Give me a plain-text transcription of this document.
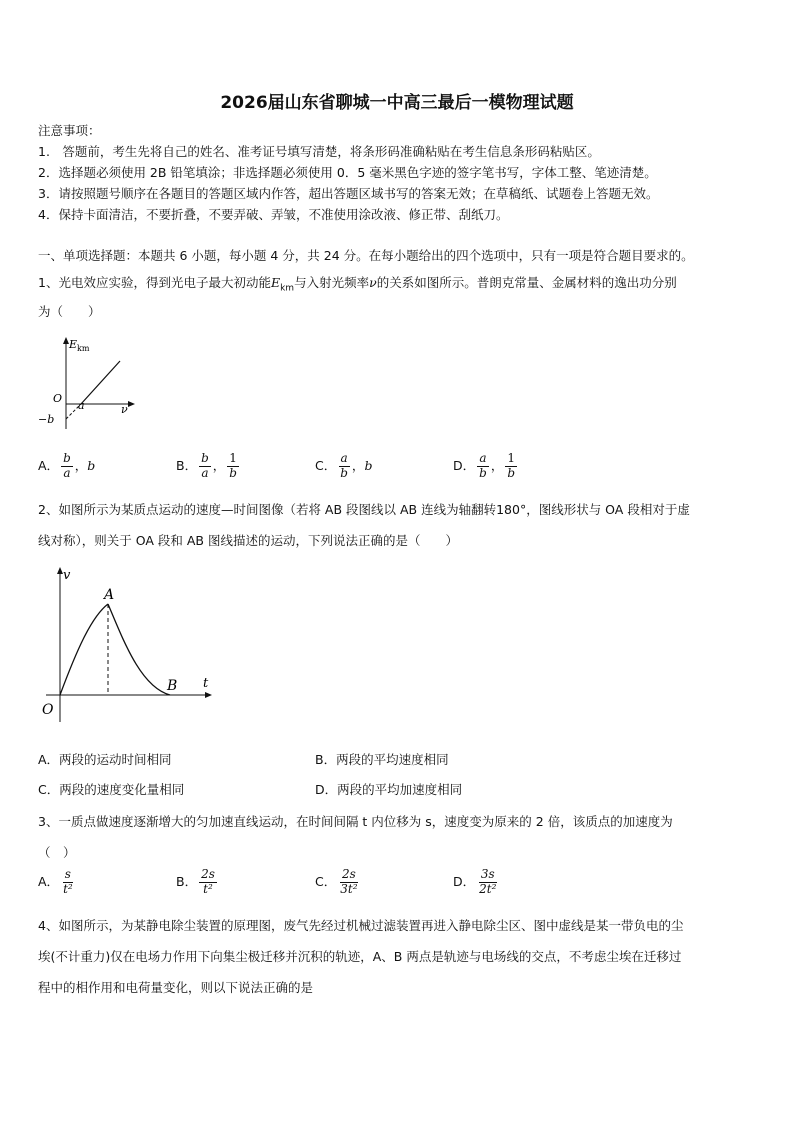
2026届山东省聊城一中高三最后一模物理试题
注意事项：
1.　答题前，考生先将自己的姓名、准考证号填写清楚，将条形码准确粘贴在考生信息条形码粘贴区。
2．选择题必须使用 2B 铅笔填涂；非选择题必须使用 0．5 毫米黑色字迹的签字笔书写，字体工整、笔迹清楚。
3．请按照题号顺序在各题目的答题区域内作答，超出答题区域书写的答案无效；在草稿纸、试题卷上答题无效。
4．保持卡面清洁，不要折叠，不要弄破、弄皱，不准使用涂改液、修正带、刮纸刀。
一、单项选择题：本题共 6 小题，每小题 4 分，共 24 分。在每小题给出的四个选项中，只有一项是符合题目要求的。
1、光电效应实验，得到光电子最大初动能$E_{km}$与入射光频率ν的关系如图所示。普朗克常量、金属材料的逸出功分别
为（　　）
$E_{km}$
O
ν
a
−b
A． $\frac{b}{a}$ ，b	B． $\frac{b}{a}$ ， $\frac{1}{b}$	C． $\frac{a}{b}$ ，b	D． $\frac{a}{b}$ ， $\frac{1}{b}$
2、如图所示为某质点运动的速度—时间图像（若将 AB 段图线以 AB 连线为轴翻转180°，图线形状与 OA 段相对于虚
线对称），则关于 OA 段和 AB 图线描述的运动，下列说法正确的是（　　）
v
t
O
A
B
A．两段的运动时间相同	B．两段的平均速度相同
C．两段的速度变化量相同	D．两段的平均加速度相同
3、一质点做速度逐渐增大的匀加速直线运动，在时间间隔 t 内位移为 s，速度变为原来的 2 倍，该质点的加速度为
（　）
A． $\frac{s}{\text{t²}}$	B． $\frac{2s}{\text{t²}}$	C． $\frac{2s}{\text{3t²}}$	D． $\frac{3s}{\text{2t²}}$
4、如图所示，为某静电除尘装置的原理图，废气先经过机械过滤装置再进入静电除尘区、图中虚线是某一带负电的尘
埃(不计重力)仅在电场力作用下向集尘极迁移并沉积的轨迹，A、B 两点是轨迹与电场线的交点，不考虑尘埃在迁移过
程中的相作用和电荷量变化，则以下说法正确的是
